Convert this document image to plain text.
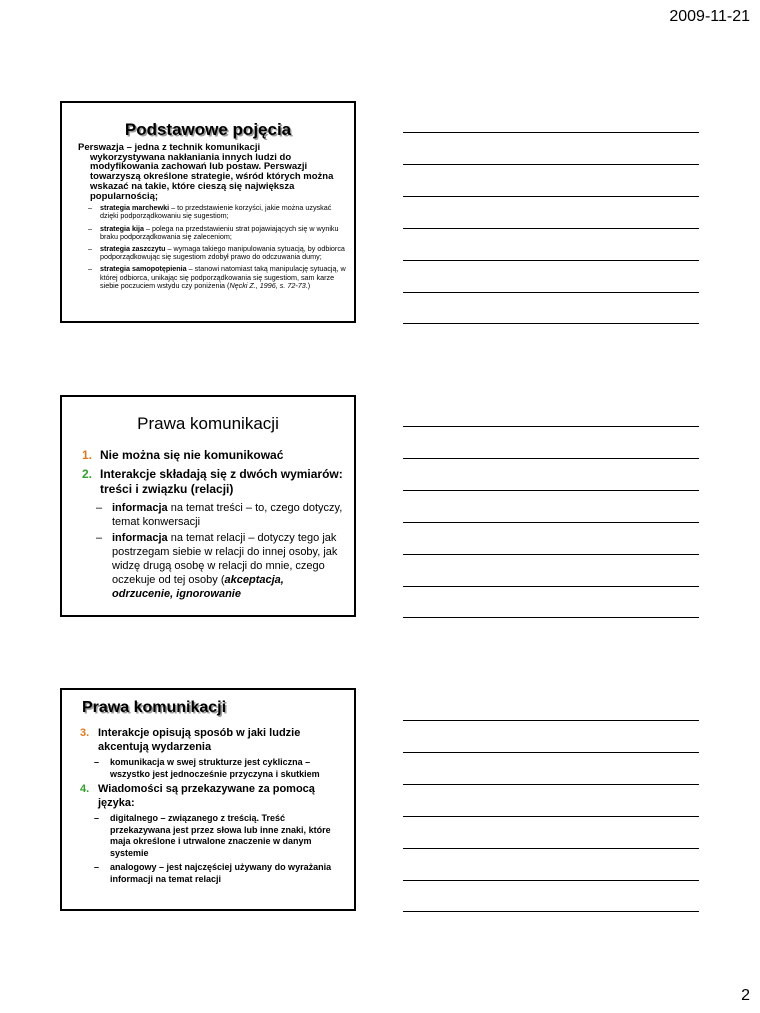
2009-11-21

Podstawowe pojęcia

Perswazja – jedna z technik komunikacji
wykorzystywana nakłaniania innych ludzi do modyfikowania zachowań lub postaw. Perswazji towarzyszą określone strategie, wśród których można wskazać na takie, które cieszą się największa popularnością;
– strategia marchewki – to przedstawienie korzyści, jakie można uzyskać dzięki podporządkowaniu się sugestiom;
– strategia kija – polega na przedstawieniu strat pojawiających się w wyniku braku podporządkowania się zaleceniom;
– strategia zaszczytu – wymaga takiego manipulowania sytuacją, by odbiorca podporządkowując się sugestiom zdobył prawo do odczuwania dumy;
– strategia samopotępienia – stanowi natomiast taką manipulację sytuacją, w której odbiorca, unikając się podporządkowania się sugestiom, sam karze siebie poczuciem wstydu czy poniżenia (Nęcki Z., 1996, s. 72-73.)

Prawa komunikacji

1. Nie można się nie komunikować
2. Interakcje składają się z dwóch wymiarów: treści i związku (relacji)
– informacja na temat treści – to, czego dotyczy, temat konwersacji
– informacja na temat relacji – dotyczy tego jak postrzegam siebie w relacji do innej osoby, jak widzę drugą osobę w relacji do mnie, czego oczekuje od tej osoby (akceptacja, odrzucenie, ignorowanie

Prawa komunikacji

3. Interakcje opisują sposób w jaki ludzie akcentują wydarzenia
– komunikacja w swej strukturze jest cykliczna – wszystko jest jednocześnie przyczyna i skutkiem
4. Wiadomości są przekazywane za pomocą języka:
– digitalnego – związanego z treścią. Treść przekazywana jest przez słowa lub inne znaki, które maja określone i utrwalone znaczenie w danym systemie
– analogowy – jest najczęściej używany do wyrażania informacji na temat relacji
2
